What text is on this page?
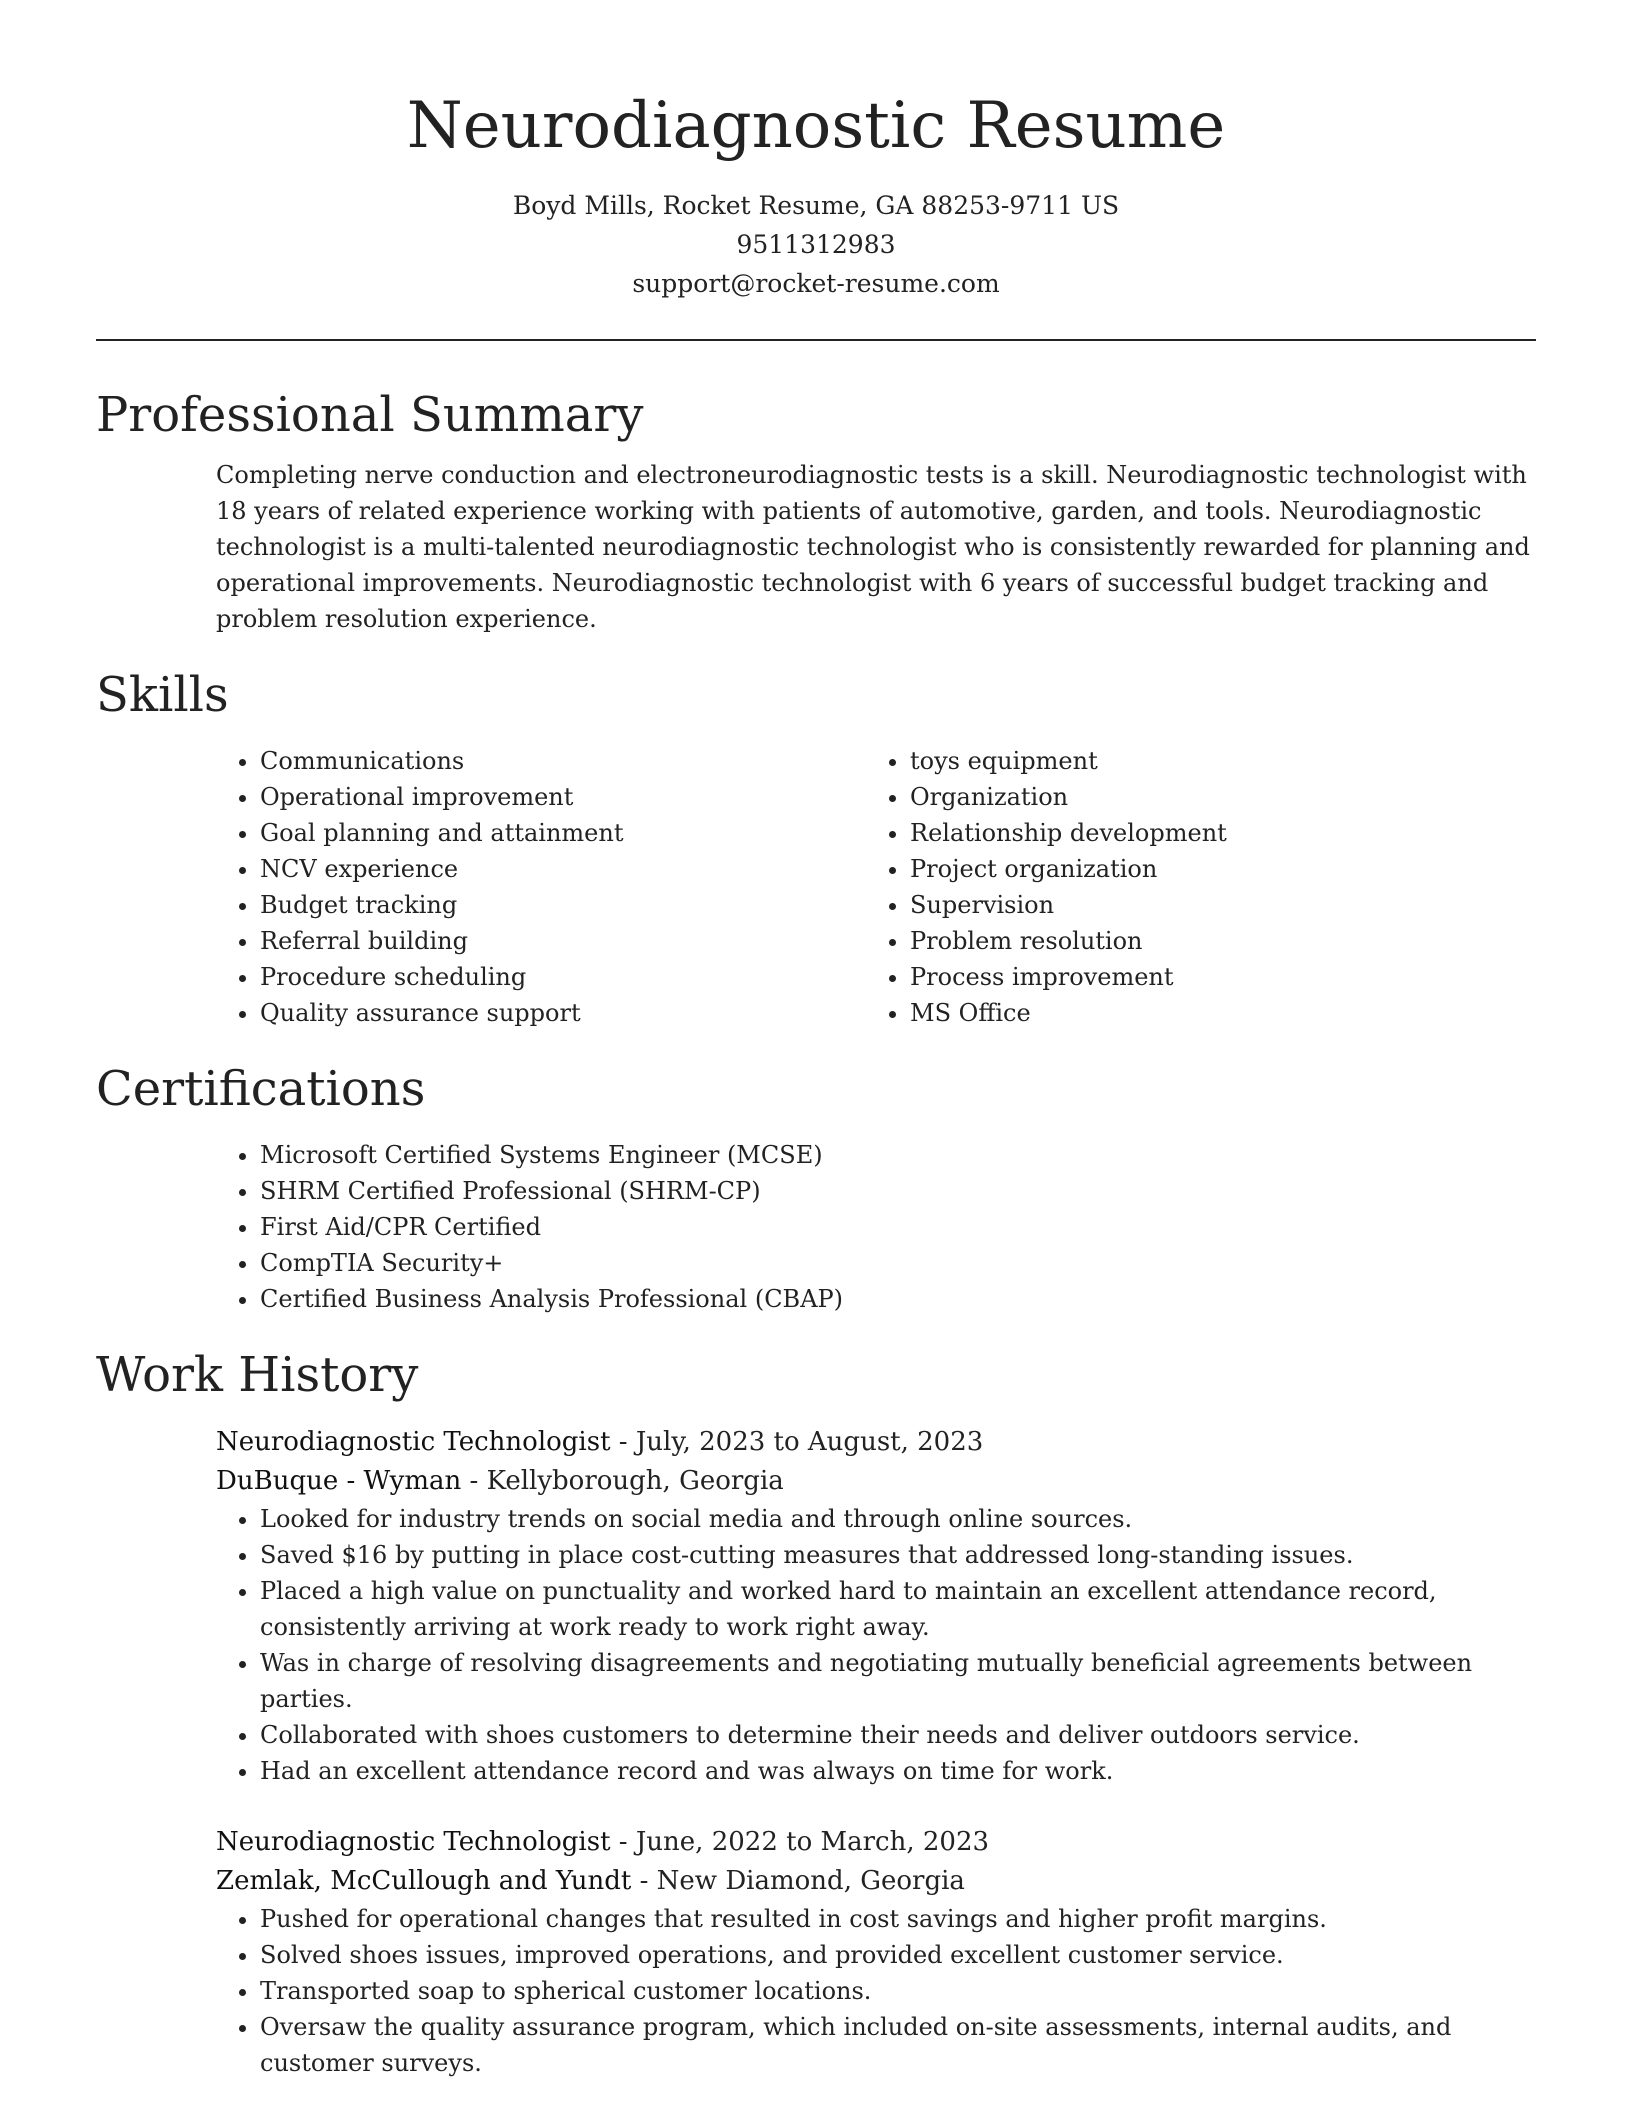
Neurodiagnostic Resume
Boyd Mills, Rocket Resume, GA 88253-9711 US
9511312983
support@rocket-resume.com
Professional Summary

Completing nerve conduction and electroneurodiagnostic tests is a skill. Neurodiagnostic technologist with 18 years of related experience working with patients of automotive, garden, and tools. Neurodiagnostic technologist is a multi-talented neurodiagnostic technologist who is consistently rewarded for planning and operational improvements. Neurodiagnostic technologist with 6 years of successful budget tracking and problem resolution experience.

Skills
• Communications
• Operational improvement
• Goal planning and attainment
• NCV experience
• Budget tracking
• Referral building
• Procedure scheduling
• Quality assurance support
• toys equipment
• Organization
• Relationship development
• Project organization
• Supervision
• Problem resolution
• Process improvement
• MS Office
Certifications
• Microsoft Certified Systems Engineer (MCSE)
• SHRM Certified Professional (SHRM-CP)
• First Aid/CPR Certified
• CompTIA Security+
• Certified Business Analysis Professional (CBAP)
Work History
Neurodiagnostic Technologist - July, 2023 to August, 2023
DuBuque - Wyman - Kellyborough, Georgia
• Looked for industry trends on social media and through online sources.
• Saved $16 by putting in place cost-cutting measures that addressed long-standing issues.
• Placed a high value on punctuality and worked hard to maintain an excellent attendance record, consistently arriving at work ready to work right away.
• Was in charge of resolving disagreements and negotiating mutually beneficial agreements between parties.
• Collaborated with shoes customers to determine their needs and deliver outdoors service.
• Had an excellent attendance record and was always on time for work.
Neurodiagnostic Technologist - June, 2022 to March, 2023
Zemlak, McCullough and Yundt - New Diamond, Georgia
• Pushed for operational changes that resulted in cost savings and higher profit margins.
• Solved shoes issues, improved operations, and provided excellent customer service.
• Transported soap to spherical customer locations.
• Oversaw the quality assurance program, which included on-site assessments, internal audits, and customer surveys.
